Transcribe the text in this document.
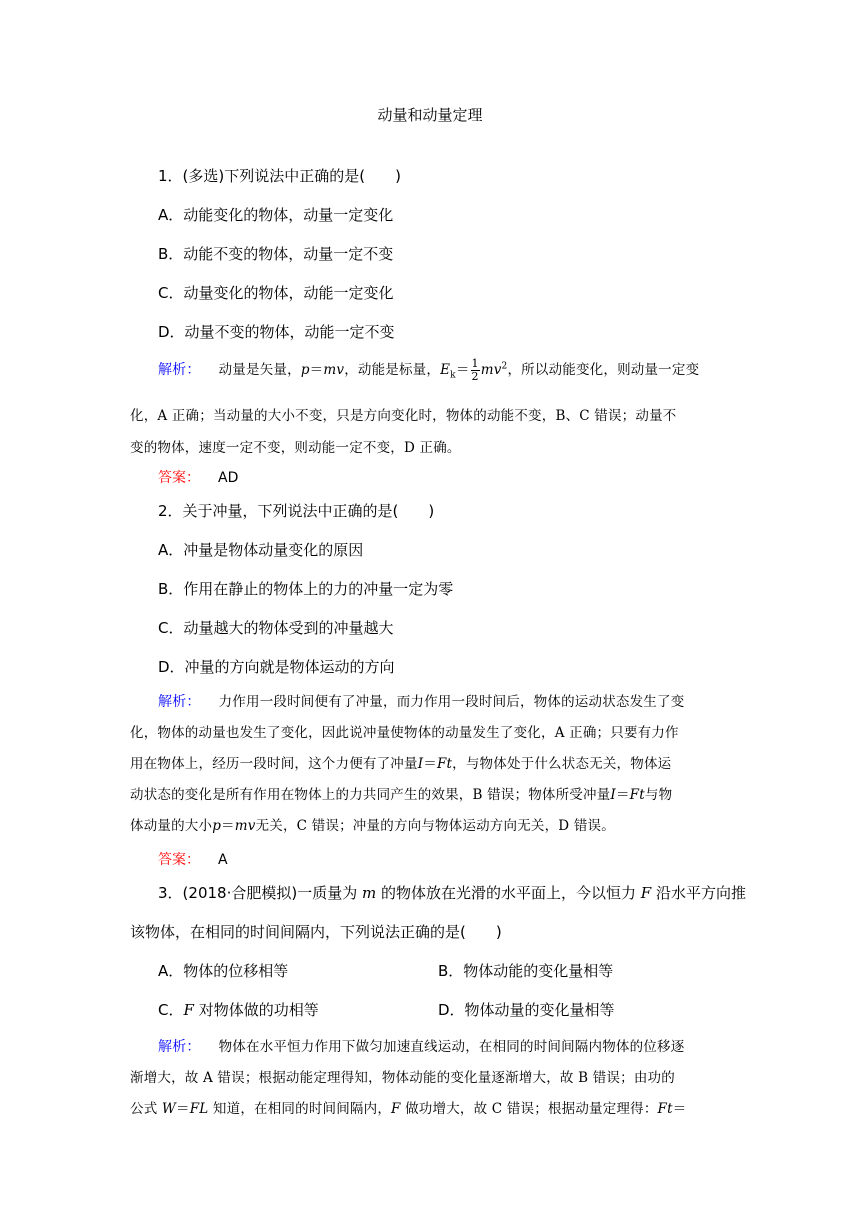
动量和动量定理
1．(多选)下列说法中正确的是(　　)
A．动能变化的物体，动量一定变化
B．动能不变的物体，动量一定不变
C．动量变化的物体，动能一定变化
D．动量不变的物体，动能一定不变
解析： 动量是矢量，p＝mv，动能是标量，$E_k= \frac{1}{2} mv^2$，所以动能变化，则动量一定变
化，A 正确；当动量的大小不变，只是方向变化时，物体的动能不变，B、C 错误；动量不
变的物体，速度一定不变，则动能一定不变，D 正确。
答案： AD
2．关于冲量，下列说法中正确的是(　　)
A．冲量是物体动量变化的原因
B．作用在静止的物体上的力的冲量一定为零
C．动量越大的物体受到的冲量越大
D．冲量的方向就是物体运动的方向
解析： 力作用一段时间便有了冲量，而力作用一段时间后，物体的运动状态发生了变
化，物体的动量也发生了变化，因此说冲量使物体的动量发生了变化，A 正确；只要有力作
用在物体上，经历一段时间，这个力便有了冲量I＝Ft，与物体处于什么状态无关，物体运
动状态的变化是所有作用在物体上的力共同产生的效果，B 错误；物体所受冲量I＝Ft与物
体动量的大小p＝mv无关，C 错误；冲量的方向与物体运动方向无关，D 错误。
答案： A
3．(2018·合肥模拟)一质量为 m 的物体放在光滑的水平面上，今以恒力 F 沿水平方向推
该物体，在相同的时间间隔内，下列说法正确的是(　　)
A．物体的位移相等	B．物体动能的变化量相等
C．F 对物体做的功相等	D．物体动量的变化量相等
解析： 物体在水平恒力作用下做匀加速直线运动，在相同的时间间隔内物体的位移逐
渐增大，故 A 错误；根据动能定理得知，物体动能的变化量逐渐增大，故 B 错误；由功的
公式 W＝FL 知道，在相同的时间间隔内，F 做功增大，故 C 错误；根据动量定理得：Ft＝
